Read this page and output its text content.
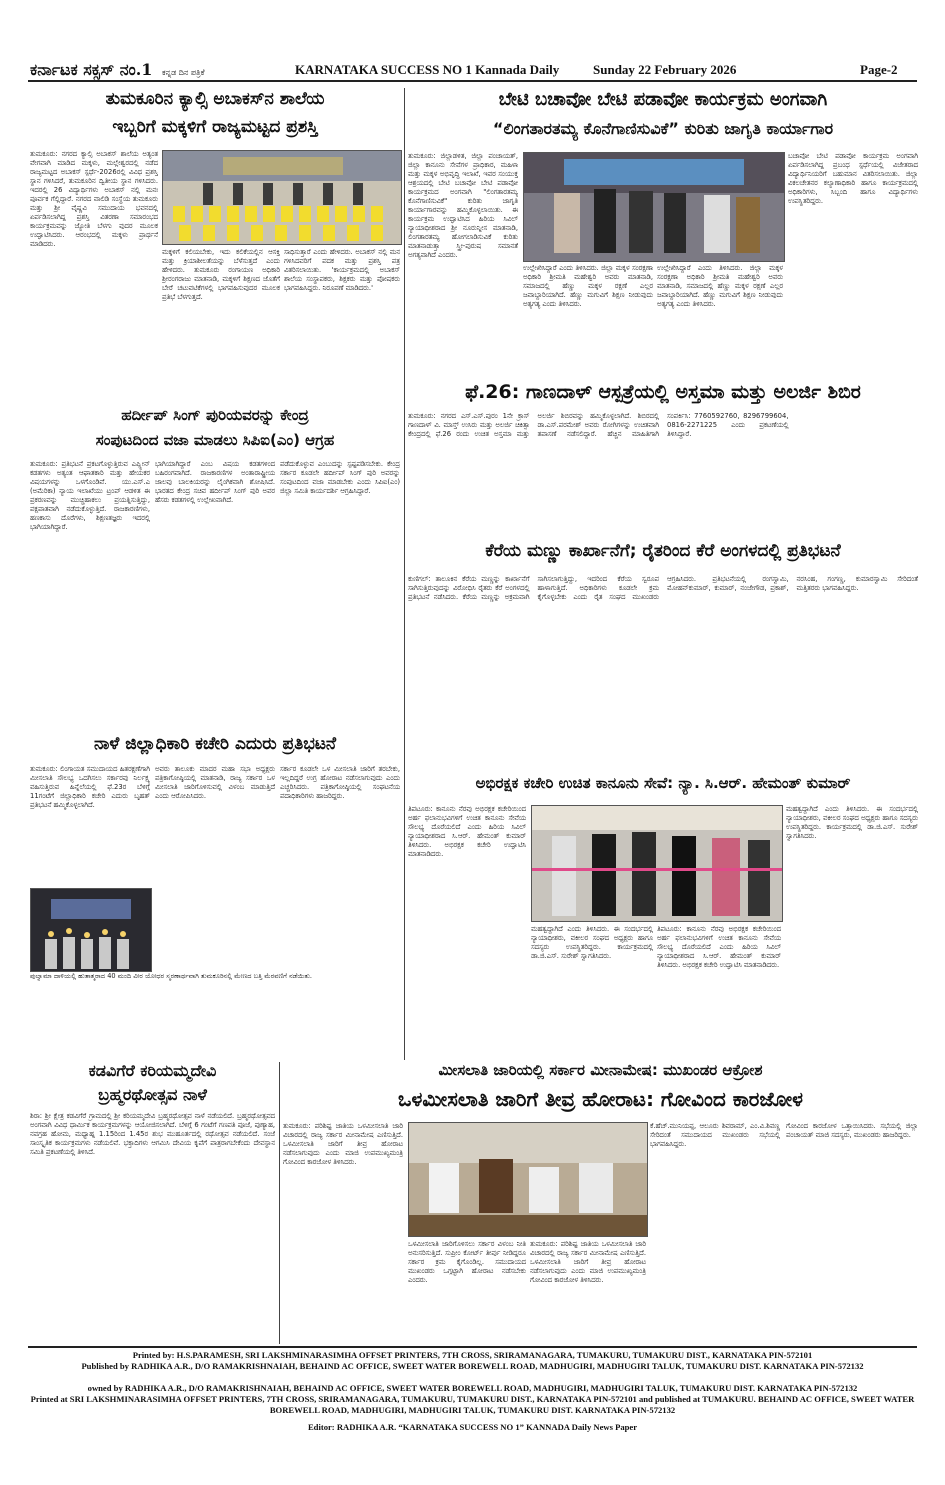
ಕರ್ನಾಟಕ ಸಕ್ಸಸ್ ನಂ.1 ಕನ್ನಡ ದಿನ ಪತ್ರಿಕೆ	KARNATAKA SUCCESS NO 1 Kannada Daily	Sunday 22 February 2026	Page-2
ತುಮಕೂರಿನ ಕ್ಯಾಲ್ಸಿ ಅಬಾಕಸ್‌ನ ಶಾಲೆಯ
ಇಬ್ಬರಿಗೆ ಮಕ್ಕಳಿಗೆ ರಾಜ್ಯಮಟ್ಟದ ಪ್ರಶಸ್ತಿ
ತುಮಕೂರು: ನಗರದ ಕ್ಯಾಲ್ಸಿ ಅಬಾಕಸ್ ಶಾಲೆಯ ಅತ್ಯಂತ ವೇಗವಾಗಿ ಮಾಡಿದ ಮಕ್ಕಳು, ಮಲ್ಲೇಶ್ವರದಲ್ಲಿ ನಡೆದ ರಾಜ್ಯಮಟ್ಟದ ಅಬಾಕಸ್ ಸ್ಪರ್ಧೆ-2026ರಲ್ಲಿ ವಿವಿಧ ಪ್ರಶಸ್ತಿ ಸ್ಥಾನ ಗಳಿಸಿದರೆ, ತುಮಕೂರಿನ ದ್ವಿತೀಯ ಸ್ಥಾನ ಗಳಿಸಿದರು. ಇದರಲ್ಲಿ 26 ವಿದ್ಯಾರ್ಥಿಗಳು ಅಬಾಕಸ್ ನಲ್ಲಿ ಮನಃ ಪೂರ್ವಕ ಗೆಲ್ಲಿದ್ದಾರೆ. ನಗರದ ವಾಲಿಡಿ ಸಂಸ್ಥೆಯ ತುಮಕೂರು ಮತ್ತು ಶ್ರೀ ವೈಷ್ಣವಿ ಸಮುದಾಯ ಭವನದಲ್ಲಿ ಏರ್ಪಡಿಸಲಾಗಿದ್ದ ಪ್ರಶಸ್ತಿ ವಿತರಣಾ ಸಮಾರಂಭದ ಕಾರ್ಯಕ್ರಮವನ್ನು ಜ್ಯೋತಿ ಬೆಳಗು ವುದರ ಮೂಲಕ ಉದ್ಘಾಟಿಸಿದರು. ಆರಂಭದಲ್ಲಿ ಮಕ್ಕಳು ಪ್ರಾರ್ಥನೆ ಮಾಡಿದರು.
ಮಕ್ಕಳಿಗೆ ಕಲಿಯಬೇಕು, ಇದು ಕಲಿಕೆಯಲ್ಲಿನ ಆಸಕ್ತಿ ಮತ್ತು ಕ್ರಿಯಾಶೀಲತೆಯನ್ನು ಬೆಳೆಸುತ್ತದೆ ಎಂದು ಹೇಳಿದರು. ತುಮಕೂರು ರಂಗಾಯಣ ಅಧಿಕಾರಿ ಶ್ರೀರಂಗರಾಜು ಮಾತನಾಡಿ, ಮಕ್ಕಳಿಗೆ ಶಿಕ್ಷಣದ ಜೊತೆಗೆ ಬೇರೆ ಚಟುವಟಿಕೆಗಳಲ್ಲಿ ಭಾಗವಹಿಸುವುದರ ಮೂಲಕ ಪ್ರತಿಭೆ ಬೆಳಗುತ್ತದೆ.
ಸಾಧಿಸುತ್ತಾರೆ ಎಂದು ಹೇಳಿದರು. ಅಬಾಕಸ್ ನಲ್ಲಿ ಮನ ಗಳಿಸಿದವರಿಗೆ ಪದಕ ಮತ್ತು ಪ್ರಶಸ್ತಿ ಪತ್ರ ವಿತರಿಸಲಾಯಿತು. 'ಕಾರ್ಯಕ್ರಮದಲ್ಲಿ ಅಬಾಕಸ್ ಶಾಲೆಯ ಸಂಸ್ಥಾಪಕರು, ಶಿಕ್ಷಕರು ಮತ್ತು ಪೋಷಕರು ಭಾಗವಹಿಸಿದ್ದರು. ನಿರೂಪಣೆ ಮಾಡಿದರು.'
ಬೇಟಿ ಬಚಾವೋ ಬೇಟಿ ಪಡಾವೋ ಕಾರ್ಯಕ್ರಮ ಅಂಗವಾಗಿ
“ಲಿಂಗತಾರತಮ್ಯ ಕೊನೆಗಾಣಿಸುವಿಕೆ” ಕುರಿತು ಜಾಗೃತಿ ಕಾರ್ಯಾಗಾರ
ತುಮಕೂರು: ಜಿಲ್ಲಾಡಳಿತ, ಜಿಲ್ಲಾ ಪಂಚಾಯತ್, ಜಿಲ್ಲಾ ಕಾನೂನು ಸೇವೆಗಳ ಪ್ರಾಧಿಕಾರ, ಮಹಿಳಾ ಮತ್ತು ಮಕ್ಕಳ ಅಭಿವೃದ್ಧಿ ಇಲಾಖೆ, ಇವರ ಸಂಯುಕ್ತ ಆಶ್ರಯದಲ್ಲಿ ಬೇಟಿ ಬಚಾವೋ ಬೇಟಿ ಪಡಾವೋ ಕಾರ್ಯಕ್ರಮದ ಅಂಗವಾಗಿ "ಲಿಂಗತಾರತಮ್ಯ ಕೊನೆಗಾಣಿಸುವಿಕೆ" ಕುರಿತು ಜಾಗೃತಿ ಕಾರ್ಯಾಗಾರವನ್ನು ಹಮ್ಮಿಕೊಳ್ಳಲಾಯಿತು. ಈ ಕಾರ್ಯಕ್ರಮ ಉದ್ಘಾಟಿಸಿದ ಹಿರಿಯ ಸಿವಿಲ್ ನ್ಯಾಯಾಧೀಶರಾದ ಶ್ರೀ ನೂರುನ್ನೀಸ ಮಾತನಾಡಿ, ಲಿಂಗತಾರತಮ್ಯ ಹೋಗಲಾಡಿಸುವಿಕೆ ಕುರಿತು ಮಾತನಾಡುತ್ತಾ ಸ್ತ್ರೀ-ಪುರುಷ ಸಮಾನತೆ ಅಗತ್ಯವಾಗಿದೆ ಎಂದರು.
ಉಲ್ಲೇಖಿಸಿದ್ದಾರೆ ಎಂದು ತಿಳಿಸಿದರು. ಜಿಲ್ಲಾ ಮಕ್ಕಳ ಸಂರಕ್ಷಣಾ ಅಧಿಕಾರಿ ಶ್ರೀಮತಿ ಮಹೇಶ್ವರಿ ಅವರು ಮಾತನಾಡಿ, ಸಮಾಜದಲ್ಲಿ ಹೆಣ್ಣು ಮಕ್ಕಳ ರಕ್ಷಣೆ ಎಲ್ಲರ ಜವಾಬ್ದಾರಿಯಾಗಿದೆ. ಹೆಣ್ಣು ಮಗುವಿಗೆ ಶಿಕ್ಷಣ ನೀಡುವುದು ಅತ್ಯಗತ್ಯ ಎಂದು ತಿಳಿಸಿದರು.
ಉಲ್ಲೇಖಿಸಿದ್ದಾರೆ ಎಂದು ತಿಳಿಸಿದರು. ಜಿಲ್ಲಾ ಮಕ್ಕಳ ಸಂರಕ್ಷಣಾ ಅಧಿಕಾರಿ ಶ್ರೀಮತಿ ಮಹೇಶ್ವರಿ ಅವರು ಮಾತನಾಡಿ, ಸಮಾಜದಲ್ಲಿ ಹೆಣ್ಣು ಮಕ್ಕಳ ರಕ್ಷಣೆ ಎಲ್ಲರ ಜವಾಬ್ದಾರಿಯಾಗಿದೆ. ಹೆಣ್ಣು ಮಗುವಿಗೆ ಶಿಕ್ಷಣ ನೀಡುವುದು ಅತ್ಯಗತ್ಯ ಎಂದು ತಿಳಿಸಿದರು.
ಬಚಾವೋ ಬೇಟಿ ಪಡಾವೋ ಕಾರ್ಯಕ್ರಮ ಅಂಗವಾಗಿ ಏರ್ಪಡಿಸಲಾಗಿದ್ದ ಪ್ರಬಂಧ ಸ್ಪರ್ಧೆಯಲ್ಲಿ ವಿಜೇತರಾದ ವಿದ್ಯಾರ್ಥಿನಿಯರಿಗೆ ಬಹುಮಾನ ವಿತರಿಸಲಾಯಿತು. ಜಿಲ್ಲಾ ವಿಕಲಚೇತನರ ಕಲ್ಯಾಣಾಧಿಕಾರಿ ಹಾಗೂ ಕಾರ್ಯಕ್ರಮದಲ್ಲಿ ಅಧಿಕಾರಿಗಳು, ಸಿಬ್ಬಂದಿ ಹಾಗೂ ವಿದ್ಯಾರ್ಥಿಗಳು ಉಪಸ್ಥಿತರಿದ್ದರು.
ಹರ್ದೀಪ್ ಸಿಂಗ್ ಪುರಿಯವರನ್ನು ಕೇಂದ್ರ
ಸಂಪುಟದಿಂದ ವಜಾ ಮಾಡಲು ಸಿಪಿಐ(ಎಂ) ಆಗ್ರಹ
ತುಮಕೂರು: ಪ್ರತಿಭಟನೆ ಪ್ರಕಟಗೊಳ್ಳುತ್ತಿರುವ ಎಪ್ಸ್ಟೀನ್ ಕಡತಗಳು ಅತ್ಯಂತ ಆಘಾತಕಾರಿ ಮತ್ತು ಹೇಯಕರ ವಿಷಯಗಳನ್ನು ಒಳಗೊಂಡಿವೆ. ಯು.ಎಸ್.ಎ (ಅಮೆರಿಕಾ) ನ್ಯಾಯ ಇಲಾಖೆಯು ಟ್ರಂಪ್ ಆಡಳಿತ ಈ ಪ್ರಕರಣವನ್ನು ಮುಚ್ಚಿಹಾಕಲು ಪ್ರಯತ್ನಿಸುತ್ತಿದ್ದು, ಪಕ್ಷಪಾತವಾಗಿ ನಡೆದುಕೊಳ್ಳುತ್ತಿದೆ. ರಾಜಕಾರಣಿಗಳು, ಹಣಕಾಸು ದೊರೆಗಳು, ಶಿಕ್ಷಣತಜ್ಞರು ಇದರಲ್ಲಿ ಭಾಗಿಯಾಗಿದ್ದಾರೆ.
ಭಾಗಿಯಾಗಿದ್ದಾರೆ ಎಂಬ ವಿಷಯ ಕಡತಗಳಿಂದ ಬಹಿರಂಗವಾಗಿದೆ. ರಾಜಕಾರಣಿಗಳ ಅಂತಾರಾಷ್ಟ್ರೀಯ ಜಾಲವು ಬಾಲಕಿಯರನ್ನು ಲೈಂಗಿಕವಾಗಿ ಶೋಷಿಸಿದೆ. ಭಾರತದ ಕೇಂದ್ರ ಸಚಿವ ಹರ್ದೀಪ್ ಸಿಂಗ್ ಪುರಿ ಅವರ ಹೆಸರು ಕಡತಗಳಲ್ಲಿ ಉಲ್ಲೇಖವಾಗಿದೆ.
ಪಡೆದುಕೊಳ್ಳುವ ಎಂಬುದನ್ನು ಸ್ಪಷ್ಟಪಡಿಸಬೇಕು. ಕೇಂದ್ರ ಸರ್ಕಾರ ಕೂಡಲೇ ಹರ್ದೀಪ್ ಸಿಂಗ್ ಪುರಿ ಅವರನ್ನು ಸಂಪುಟದಿಂದ ವಜಾ ಮಾಡಬೇಕು ಎಂದು ಸಿಪಿಐ(ಎಂ) ಜಿಲ್ಲಾ ಸಮಿತಿ ಕಾರ್ಯದರ್ಶಿ ಆಗ್ರಹಿಸಿದ್ದಾರೆ.
ಫೆ.26: ಗಾಣದಾಳ್ ಆಸ್ಪತ್ರೆಯಲ್ಲಿ ಅಸ್ತಮಾ ಮತ್ತು ಅಲರ್ಜಿ ಶಿಬಿರ
ತುಮಕೂರು: ನಗರದ ಎಸ್.ಎಸ್.ಪುರಂ 1ನೇ ಕ್ರಾಸ್ ಗಾಣದಾಳ್ ವಿ. ಮಾಸ್ತ್ ಉಸಿರು ಮತ್ತು ಅಲರ್ಜಿ ಚಿಕಿತ್ಸಾ ಕೇಂದ್ರದಲ್ಲಿ ಫೆ.26 ರಂದು ಉಚಿತ ಅಸ್ತಮಾ ಮತ್ತು ಅಲರ್ಜಿ ಶಿಬಿರವನ್ನು ಹಮ್ಮಿಕೊಳ್ಳಲಾಗಿದೆ. ಶಿಬಿರದಲ್ಲಿ ಡಾ.ಎಸ್.ಪರಮೇಶ್ ಅವರು ರೋಗಿಗಳನ್ನು ಉಚಿತವಾಗಿ ತಪಾಸಣೆ ನಡೆಸಲಿದ್ದಾರೆ. ಹೆಚ್ಚಿನ ಮಾಹಿತಿಗಾಗಿ ಸಂಪರ್ಕಿಸಿ: 7760592760, 8296799604, 0816-2271225 ಎಂದು ಪ್ರಕಟಣೆಯಲ್ಲಿ ತಿಳಿಸಿದ್ದಾರೆ.
ಕೆರೆಯ ಮಣ್ಣು ಕಾರ್ಖಾನೆಗೆ; ರೈತರಿಂದ ಕೆರೆ ಅಂಗಳದಲ್ಲಿ ಪ್ರತಿಭಟನೆ
ಕುಣಿಗಲ್: ತಾಲೂಕಿನ ಕೆರೆಯ ಮಣ್ಣನ್ನು ಕಾರ್ಖಾನೆಗೆ ಸಾಗಿಸುತ್ತಿರುವುದನ್ನು ವಿರೋಧಿಸಿ ರೈತರು ಕೆರೆ ಅಂಗಳದಲ್ಲಿ ಪ್ರತಿಭಟನೆ ನಡೆಸಿದರು. ಕೆರೆಯ ಮಣ್ಣನ್ನು ಅಕ್ರಮವಾಗಿ ಸಾಗಿಸಲಾಗುತ್ತಿದ್ದು, ಇದರಿಂದ ಕೆರೆಯ ಸ್ವರೂಪ ಹಾಳಾಗುತ್ತಿದೆ. ಅಧಿಕಾರಿಗಳು ಕೂಡಲೇ ಕ್ರಮ ಕೈಗೊಳ್ಳಬೇಕು ಎಂದು ರೈತ ಸಂಘದ ಮುಖಂಡರು ಆಗ್ರಹಿಸಿದರು. ಪ್ರತಿಭಟನೆಯಲ್ಲಿ ರಂಗಸ್ವಾಮಿ, ಮೋಹನ್‌ಕುಮಾರ್, ಕುಮಾರ್, ನಂಜೇಗೌಡ, ಪ್ರಕಾಶ್, ನರಸಿಂಹ, ಗಂಗಣ್ಣ, ಕುಮಾರಸ್ವಾಮಿ ಸೇರಿದಂತೆ ಮತ್ತಿತರರು ಭಾಗವಹಿಸಿದ್ದರು.
ನಾಳೆ ಜಿಲ್ಲಾಧಿಕಾರಿ ಕಚೇರಿ ಎದುರು ಪ್ರತಿಭಟನೆ
ತುಮಕೂರು: ಲಿಂಗಾಯತ ಸಮುದಾಯದ ಹಿತರಕ್ಷಣೆಗಾಗಿ ಮೀಸಲಾತಿ ಸೌಲಭ್ಯ ಒದಗಿಸಲು ಸರ್ಕಾರವು ನಿರ್ಲಕ್ಷ್ಯ ವಹಿಸುತ್ತಿರುವ ಹಿನ್ನೆಲೆಯಲ್ಲಿ ಫೆ.23ರ ಬೆಳಿಗ್ಗೆ 11ಗಂಟೆಗೆ ಜಿಲ್ಲಾಧಿಕಾರಿ ಕಚೇರಿ ಎದುರು ಬೃಹತ್ ಪ್ರತಿಭಟನೆ ಹಮ್ಮಿಕೊಳ್ಳಲಾಗಿದೆ.
ಅವರು ತಾಲೂಕು ಮಾದರ ಮಹಾ ಸಭಾ ಅಧ್ಯಕ್ಷರು ಪತ್ರಿಕಾಗೋಷ್ಠಿಯಲ್ಲಿ ಮಾತನಾಡಿ, ರಾಜ್ಯ ಸರ್ಕಾರ ಒಳ ಮೀಸಲಾತಿ ಜಾರಿಗೊಳಿಸುವಲ್ಲಿ ವಿಳಂಬ ಮಾಡುತ್ತಿದೆ ಎಂದು ಆರೋಪಿಸಿದರು.
ಸರ್ಕಾರ ಕೂಡಲೇ ಒಳ ಮೀಸಲಾತಿ ಜಾರಿಗೆ ತರಬೇಕು, ಇಲ್ಲದಿದ್ದರೆ ಉಗ್ರ ಹೋರಾಟ ನಡೆಸಲಾಗುವುದು ಎಂದು ಎಚ್ಚರಿಸಿದರು. ಪತ್ರಿಕಾಗೋಷ್ಠಿಯಲ್ಲಿ ಸಂಘಟನೆಯ ಪದಾಧಿಕಾರಿಗಳು ಹಾಜರಿದ್ದರು.
ಪುಲ್ವಾಮಾ ದಾಳಿಯಲ್ಲಿ ಹುತಾತ್ಮರಾದ 40 ಮಂದಿ ವೀರ ಯೋಧರ ಸ್ಮರಣಾರ್ಥವಾಗಿ ತುಮಕೂರಿನಲ್ಲಿ ಮೇಣದ ಬತ್ತಿ ಮೆರವಣಿಗೆ ನಡೆಯಿತು.
ಅಭಿರಕ್ಷಕ ಕಚೇರಿ ಉಚಿತ ಕಾನೂನು ಸೇವೆ: ನ್ಯಾ. ಸಿ.ಆರ್. ಹೇಮಂತ್ ಕುಮಾರ್
ತಿಪಟೂರು: ಕಾನೂನು ನೆರವು ಅಭಿರಕ್ಷಕ ಕಚೇರಿಯಿಂದ ಅರ್ಹ ಫಲಾನುಭವಿಗಳಿಗೆ ಉಚಿತ ಕಾನೂನು ಸೇವೆಯ ಸೌಲಭ್ಯ ದೊರೆಯಲಿದೆ ಎಂದು ಹಿರಿಯ ಸಿವಿಲ್ ನ್ಯಾಯಾಧೀಶರಾದ ಸಿ.ಆರ್. ಹೇಮಂತ್ ಕುಮಾರ್ ತಿಳಿಸಿದರು. ಅಭಿರಕ್ಷಕ ಕಚೇರಿ ಉದ್ಘಾಟಿಸಿ ಮಾತನಾಡಿದರು.
ಮಹತ್ವದ್ದಾಗಿದೆ ಎಂದು ತಿಳಿಸಿದರು. ಈ ಸಂದರ್ಭದಲ್ಲಿ ನ್ಯಾಯಾಧೀಶರು, ವಕೀಲರ ಸಂಘದ ಅಧ್ಯಕ್ಷರು ಹಾಗೂ ಸದಸ್ಯರು ಉಪಸ್ಥಿತರಿದ್ದರು. ಕಾರ್ಯಕ್ರಮದಲ್ಲಿ ಡಾ.ಜಿ.ಎಸ್. ಸುರೇಶ್ ಸ್ವಾಗತಿಸಿದರು.
ತಿಪಟೂರು: ಕಾನೂನು ನೆರವು ಅಭಿರಕ್ಷಕ ಕಚೇರಿಯಿಂದ ಅರ್ಹ ಫಲಾನುಭವಿಗಳಿಗೆ ಉಚಿತ ಕಾನೂನು ಸೇವೆಯ ಸೌಲಭ್ಯ ದೊರೆಯಲಿದೆ ಎಂದು ಹಿರಿಯ ಸಿವಿಲ್ ನ್ಯಾಯಾಧೀಶರಾದ ಸಿ.ಆರ್. ಹೇಮಂತ್ ಕುಮಾರ್ ತಿಳಿಸಿದರು. ಅಭಿರಕ್ಷಕ ಕಚೇರಿ ಉದ್ಘಾಟಿಸಿ ಮಾತನಾಡಿದರು.
ಮಹತ್ವದ್ದಾಗಿದೆ ಎಂದು ತಿಳಿಸಿದರು. ಈ ಸಂದರ್ಭದಲ್ಲಿ ನ್ಯಾಯಾಧೀಶರು, ವಕೀಲರ ಸಂಘದ ಅಧ್ಯಕ್ಷರು ಹಾಗೂ ಸದಸ್ಯರು ಉಪಸ್ಥಿತರಿದ್ದರು. ಕಾರ್ಯಕ್ರಮದಲ್ಲಿ ಡಾ.ಜಿ.ಎಸ್. ಸುರೇಶ್ ಸ್ವಾಗತಿಸಿದರು.
ಕಡವಿಗೆರೆ ಕರಿಯಮ್ಮದೇವಿ
ಬ್ರಹ್ಮರಥೋತ್ಸವ ನಾಳೆ
ಶಿರಾ: ಶ್ರೀ ಕ್ಷೇತ್ರ ಕಡವಿಗೆರೆ ಗ್ರಾಮದಲ್ಲಿ ಶ್ರೀ ಕರಿಯಮ್ಮದೇವಿ ಬ್ರಹ್ಮರಥೋತ್ಸವ ನಾಳೆ ನಡೆಯಲಿದೆ. ಬ್ರಹ್ಮರಥೋತ್ಸವದ ಅಂಗವಾಗಿ ವಿವಿಧ ಧಾರ್ಮಿಕ ಕಾರ್ಯಕ್ರಮಗಳನ್ನು ಆಯೋಜಿಸಲಾಗಿದೆ. ಬೆಳಿಗ್ಗೆ 6 ಗಂಟೆಗೆ ಗಣಪತಿ ಪೂಜೆ, ಪುಣ್ಯಾಹ, ನವಗ್ರಹ ಹೋಮ, ಮಧ್ಯಾಹ್ನ 1.15ರಿಂದ 1.45ರ ಶುಭ ಮುಹೂರ್ತದಲ್ಲಿ ರಥೋತ್ಸವ ನಡೆಯಲಿದೆ. ಸಂಜೆ ಸಾಂಸ್ಕೃತಿಕ ಕಾರ್ಯಕ್ರಮಗಳು ನಡೆಯಲಿವೆ. ಭಕ್ತಾದಿಗಳು ಆಗಮಿಸಿ ದೇವಿಯ ಕೃಪೆಗೆ ಪಾತ್ರರಾಗಬೇಕೆಂದು ದೇವಸ್ಥಾನ ಸಮಿತಿ ಪ್ರಕಟಣೆಯಲ್ಲಿ ತಿಳಿಸಿದೆ.
ಮೀಸಲಾತಿ ಜಾರಿಯಲ್ಲಿ ಸರ್ಕಾರ ಮೀನಾಮೇಷ: ಮುಖಂಡರ ಆಕ್ರೋಶ
ಒಳಮೀಸಲಾತಿ ಜಾರಿಗೆ ತೀವ್ರ ಹೋರಾಟ: ಗೋವಿಂದ ಕಾರಜೋಳ
ತುಮಕೂರು: ಪರಿಶಿಷ್ಟ ಜಾತಿಯ ಒಳಮೀಸಲಾತಿ ಜಾರಿ ವಿಚಾರದಲ್ಲಿ ರಾಜ್ಯ ಸರ್ಕಾರ ಮೀನಾಮೇಷ ಎಣಿಸುತ್ತಿದೆ. ಒಳಮೀಸಲಾತಿ ಜಾರಿಗೆ ತೀವ್ರ ಹೋರಾಟ ನಡೆಸಲಾಗುವುದು ಎಂದು ಮಾಜಿ ಉಪಮುಖ್ಯಮಂತ್ರಿ ಗೋವಿಂದ ಕಾರಜೋಳ ತಿಳಿಸಿದರು.
ಒಳಮೀಸಲಾತಿ ಜಾರಿಗೊಳಿಸಲು ಸರ್ಕಾರ ವಿಳಂಬ ನೀತಿ ಅನುಸರಿಸುತ್ತಿದೆ. ಸುಪ್ರೀಂ ಕೋರ್ಟ್ ತೀರ್ಪು ನೀಡಿದ್ದರೂ ಸರ್ಕಾರ ಕ್ರಮ ಕೈಗೊಂಡಿಲ್ಲ. ಸಮುದಾಯದ ಮುಖಂಡರು ಒಗ್ಗಟ್ಟಾಗಿ ಹೋರಾಟ ನಡೆಸಬೇಕು ಎಂದರು.
ತುಮಕೂರು: ಪರಿಶಿಷ್ಟ ಜಾತಿಯ ಒಳಮೀಸಲಾತಿ ಜಾರಿ ವಿಚಾರದಲ್ಲಿ ರಾಜ್ಯ ಸರ್ಕಾರ ಮೀನಾಮೇಷ ಎಣಿಸುತ್ತಿದೆ. ಒಳಮೀಸಲಾತಿ ಜಾರಿಗೆ ತೀವ್ರ ಹೋರಾಟ ನಡೆಸಲಾಗುವುದು ಎಂದು ಮಾಜಿ ಉಪಮುಖ್ಯಮಂತ್ರಿ ಗೋವಿಂದ ಕಾರಜೋಳ ತಿಳಿಸಿದರು.
ಕೆ.ಹೆಚ್.ಮುನಿಯಪ್ಪ, ಆಲೂರು ಶಿವರಾಮ್, ಎಂ.ವಿ.ಶಿವಣ್ಣ ಸೇರಿದಂತೆ ಸಮುದಾಯದ ಮುಖಂಡರು ಸಭೆಯಲ್ಲಿ ಭಾಗವಹಿಸಿದ್ದರು.
ಗೋವಿಂದ ಕಾರಜೋಳ ಒತ್ತಾಯಿಸಿದರು. ಸಭೆಯಲ್ಲಿ ಜಿಲ್ಲಾ ಪಂಚಾಯತ್ ಮಾಜಿ ಸದಸ್ಯರು, ಮುಖಂಡರು ಹಾಜರಿದ್ದರು.
Printed by: H.S.PARAMESH, SRI LAKSHMINARASIMHA OFFSET PRINTERS, 7TH CROSS, SRIRAMANAGARA, TUMAKURU, TUMAKURU DIST., KARNATAKA PIN-572101
Published by RADHIKA A.R., D/O RAMAKRISHNAIAH, BEHAIND AC OFFICE, SWEET WATER BOREWELL ROAD, MADHUGIRI, MADHUGIRI TALUK, TUMAKURU DIST. KARNATAKA PIN-572132
owned by RADHIKA A.R., D/O RAMAKRISHNAIAH, BEHAIND AC OFFICE, SWEET WATER BOREWELL ROAD, MADHUGIRI, MADHUGIRI TALUK, TUMAKURU DIST. KARNATAKA PIN-572132
Printed at SRI LAKSHMINARASIMHA OFFSET PRINTERS, 7TH CROSS, SRIRAMANAGARA, TUMAKURU, TUMAKURU DIST., KARNATAKA PIN-572101 and published at TUMAKURU. BEHAIND AC OFFICE, SWEET WATER BOREWELL ROAD, MADHUGIRI, MADHUGIRI TALUK, TUMAKURU DIST. KARNATAKA PIN-572132
Editor: RADHIKA A.R. “KARNATAKA SUCCESS NO 1” KANNADA Daily News Paper
